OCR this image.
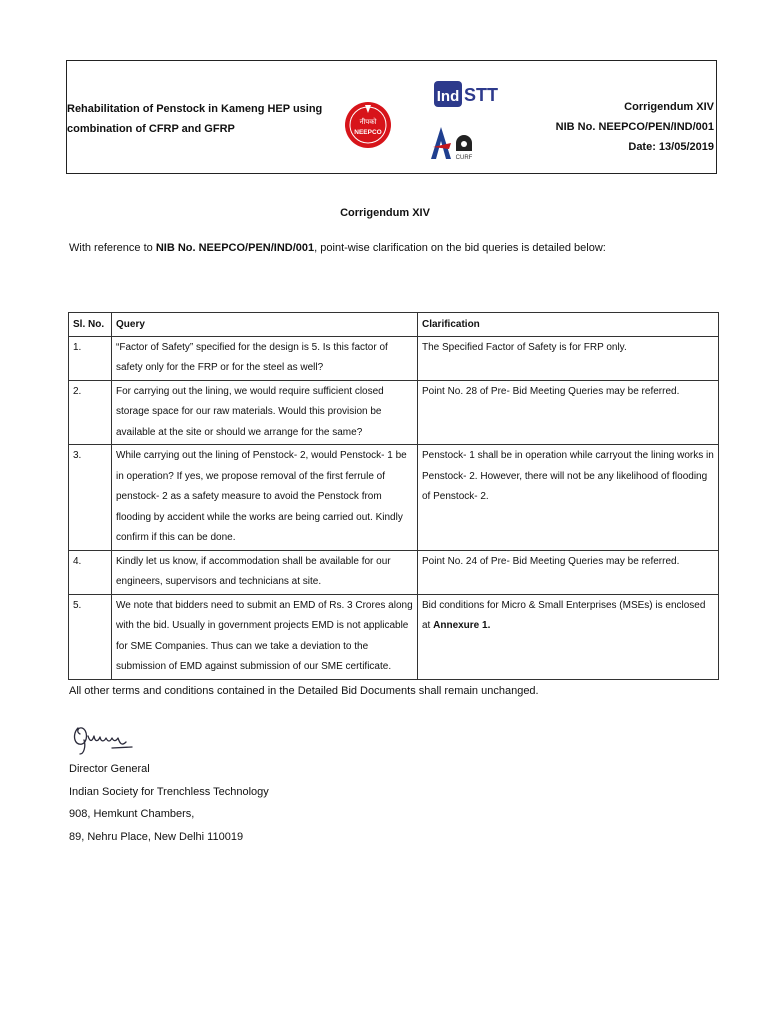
Rehabilitation of Penstock in Kameng HEP using combination of CFRP and GFRP
नीपको
NEEPCO
Ind STT
CURF
Corrigendum XIV
NIB No. NEEPCO/PEN/IND/001
Date: 13/05/2019
Corrigendum XIV
With reference to NIB No. NEEPCO/PEN/IND/001, point-wise clarification on the bid queries is detailed below:
Sl. No.	Query	Clarification
1.	“Factor of Safety” specified for the design is 5. Is this factor of safety only for the FRP or for the steel as well?	The Specified Factor of Safety is for FRP only.
2.	For carrying out the lining, we would require sufficient closed storage space for our raw materials. Would this provision be available at the site or should we arrange for the same?	Point No. 28 of Pre- Bid Meeting Queries may be referred.
3.	While carrying out the lining of Penstock- 2, would Penstock- 1 be in operation? If yes, we propose removal of the first ferrule of penstock- 2 as a safety measure to avoid the Penstock from flooding by accident while the works are being carried out. Kindly confirm if this can be done.	Penstock- 1 shall be in operation while carryout the lining works in Penstock- 2. However, there will not be any likelihood of flooding of Penstock- 2.
4.	Kindly let us know, if accommodation shall be available for our engineers, supervisors and technicians at site.	Point No. 24 of Pre- Bid Meeting Queries may be referred.
5.	We note that bidders need to submit an EMD of Rs. 3 Crores along with the bid. Usually in government projects EMD is not applicable for SME Companies. Thus can we take a deviation to the submission of EMD against submission of our SME certificate.	Bid conditions for Micro & Small Enterprises (MSEs) is enclosed at Annexure 1.
All other terms and conditions contained in the Detailed Bid Documents shall remain unchanged.
Director General
Indian Society for Trenchless Technology
908, Hemkunt Chambers,
89, Nehru Place, New Delhi 110019
